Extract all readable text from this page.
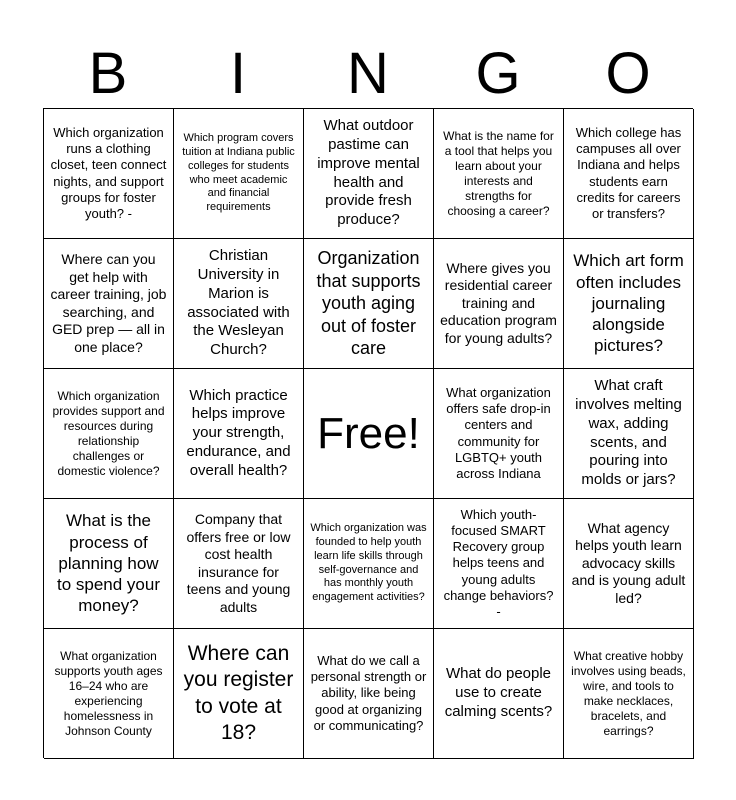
B	I	N	G	O
Which organization runs a clothing closet, teen connect nights, and support groups for foster youth? -
Which program covers tuition at Indiana public colleges for students who meet academic and financial requirements
What outdoor pastime can improve mental health and provide fresh produce?
What is the name for a tool that helps you learn about your interests and strengths for choosing a career?
Which college has campuses all over Indiana and helps students earn credits for careers or transfers?
Where can you get help with career training, job searching, and GED prep — all in one place?
Christian University in Marion is associated with the Wesleyan Church?
Organization that supports youth aging out of foster care
Where gives you residential career training and education program for young adults?
Which art form often includes journaling alongside pictures?
Which organization provides support and resources during relationship challenges or domestic violence?
Which practice helps improve your strength, endurance, and overall health?
Free!
What organization offers safe drop-in centers and community for LGBTQ+ youth across Indiana
What craft involves melting wax, adding scents, and pouring into molds or jars?
What is the process of planning how to spend your money?
Company that offers free or low cost health insurance for teens and young adults
Which organization was founded to help youth learn life skills through self-governance and has monthly youth engagement activities?
Which youth-focused SMART Recovery group helps teens and young adults change behaviors? -
What agency helps youth learn advocacy skills and is young adult led?
What organization supports youth ages 16–24 who are experiencing homelessness in Johnson County
Where can you register to vote at 18?
What do we call a personal strength or ability, like being good at organizing or communicating?
What do people use to create calming scents?
What creative hobby involves using beads, wire, and tools to make necklaces, bracelets, and earrings?
